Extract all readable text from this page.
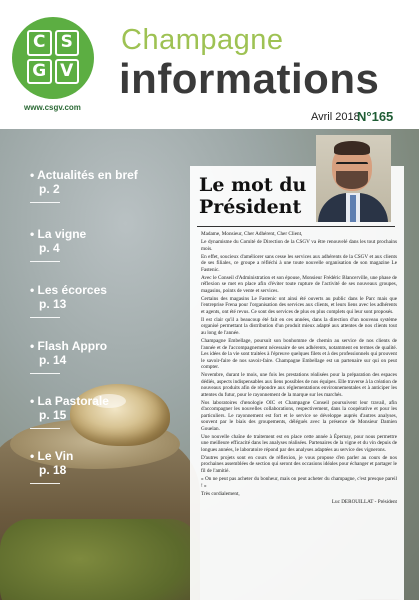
C S
G V
www.csgv.com
Champagne
informations
Avril 2018
N°165
• Actualités en bref
p. 2
• La vigne
p. 4
• Les écorces
p. 13
• Flash Appro
p. 14
• La Pastorale
p. 15
• Le Vin
p. 18
Le mot du Président

Madame, Monsieur, Cher Adhérent, Cher Client,

Le dynamisme du Comité de Direction de la CSGV va être renouvelé dans les tout prochains mois.

En effet, soucieux d'améliorer sans cesse les services aux adhérents de la CSGV et aux clients de ses filiales, ce groupe a réfléchi à une toute nouvelle organisation de son magazine Le Fastenic.

Avec le Conseil d'Administration et son épouse, Monsieur Frédéric Blancerville, une phase de réflexion se met en place afin d'éviter toute rupture de l'activité de ses nouveaux groupes, magasins, points de vente et services.

Certains des magasins Le Fastenic ont ainsi été ouverts au public dans le Parc mais que l'entreprise Frena pour l'organisation des services aux clients, et leurs liens avec les adhérents et agents, ont été revus. Ce sont des services de plus en plus complets qui leur sont proposés.

Il est clair qu'il a beaucoup été fait en ces années, dans la direction d'un nouveau système organisé permettant la distribution d'un produit mieux adapté aux attentes de nos clients tout au long de l'année.

Champagne Embellage, poursuit son bonhomme de chemin au service de nos clients de l'année et de l'accompagnement nécessaire de ses adhérents, notamment en termes de qualité. Les idées de la vie sont traitées à l'épreuve quelques filets et à des professionnels qui prouvent le savoir-faire de nos savoir-faire. Champagne Embellage est un partenaire sur qui on peut compter.

Novembre, durant le mois, une fois les prestations réalisées pour la préparation des espaces dédiés, aspects indispensables aux liens possibles de nos équipes. Elle traverse à la création de nouveaux produits afin de répondre aux réglementations environnementales et à anticiper les attentes du futur, pour le rayonnement de la marque sur les marchés.

Nos laboratoires d'œnologie OIC et Champagne Conseil poursuivent leur travail, afin d'accompagner les nouvelles collaborations, respectivement, dans la coopérative et pour les particuliers. Le rayonnement est fort et le service se développe auprès d'autres analyses, souvent par le biais des groupements, délégués avec la présence de Monsieur Damien Gouelan.

Une nouvelle chaîne de traitement est en place cette année à Épernay, pour nous permettre une meilleure efficacité dans les analyses réalisées. Partenaires de la vigne et du vin depuis de longues années, le laboratoire répond par des analyses adaptées au service des vignerons.

D'autres projets sont en cours de réflexion, je vous propose d'en parler au cours de nos prochaines assemblées de section qui seront des occasions idéales pour échanger et partager le fil de l'amitié.

« On ne peut pas acheter du bonheur, mais on peut acheter du champagne, c'est presque pareil ! »

Très cordialement,

Luc DEROUILLAT - Président
